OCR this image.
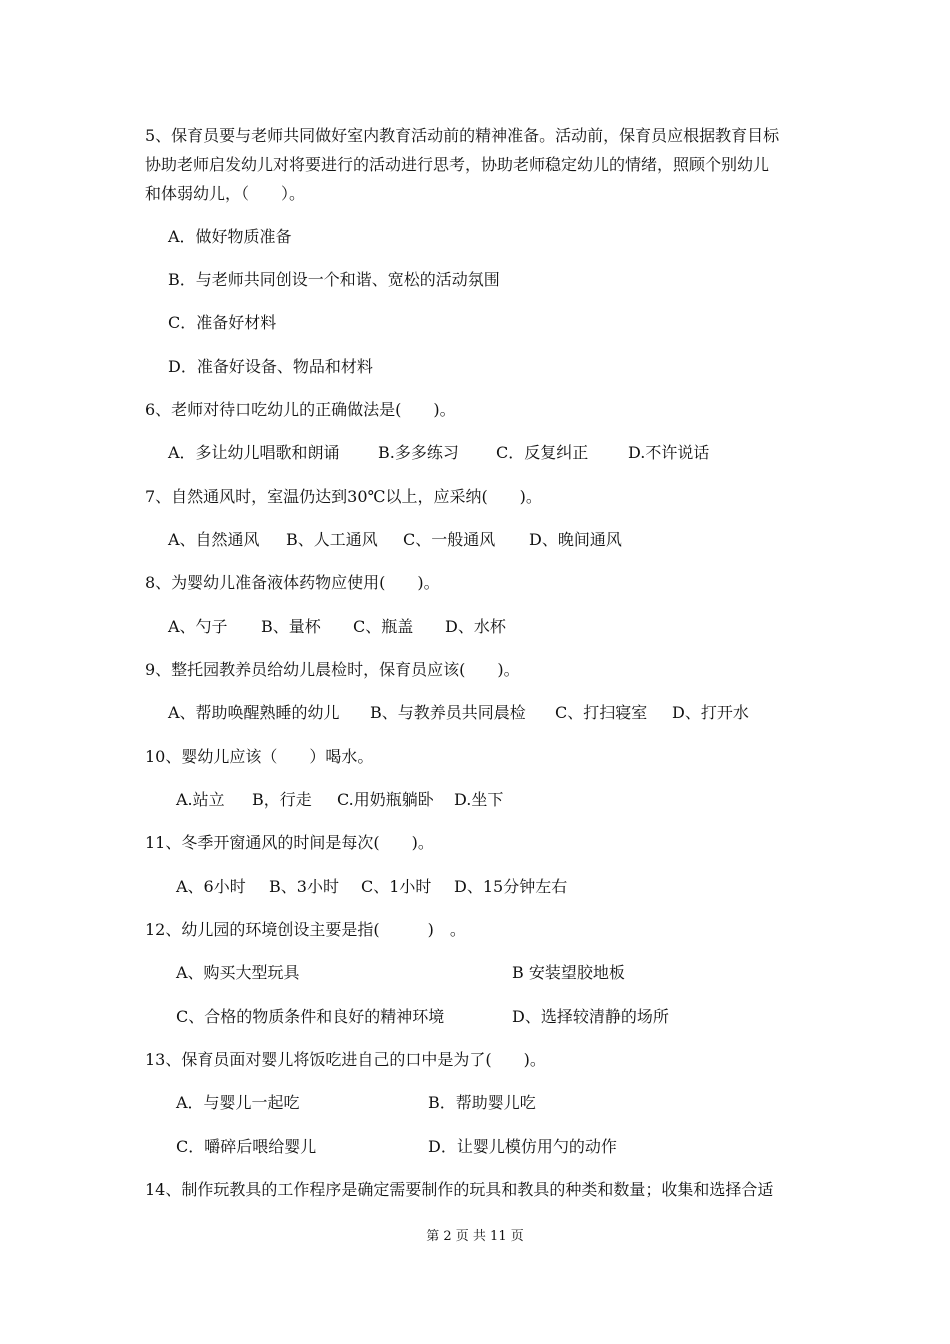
5、保育员要与老师共同做好室内教育活动前的精神准备。活动前，保育员应根据教育目标
协助老师启发幼儿对将要进行的活动进行思考，协助老师稳定幼儿的情绪，照顾个别幼儿
和体弱幼儿，（　　）。
A．做好物质准备
B．与老师共同创设一个和谐、宽松的活动氛围
C．准备好材料
D．准备好设备、物品和材料
6、老师对待口吃幼儿的正确做法是(　　)。
A．多让幼儿唱歌和朗诵 B.多多练习 C．反复纠正 D.不许说话
7、自然通风时，室温仍达到30℃以上，应采纳(　　)。
A、自然通风 B、人工通风 C、一般通风 D、晚间通风
8、为婴幼儿准备液体药物应使用(　　)。
A、勺子 B、量杯 C、瓶盖 D、水杯
9、整托园教养员给幼儿晨检时，保育员应该(　　)。
A、帮助唤醒熟睡的幼儿 B、与教养员共同晨检 C、打扫寝室 D、打开水
10、婴幼儿应该（　　）喝水。
A.站立 B，行走 C.用奶瓶躺卧 D.坐下
11、冬季开窗通风的时间是每次(　　)。
A、6小时 B、3小时 C、1小时 D、15分钟左右
12、幼儿园的环境创设主要是指(　　　)　。
A、购买大型玩具	B 安装望胶地板
C、合格的物质条件和良好的精神环境	D、选择较清静的场所
13、保育员面对婴儿将饭吃进自己的口中是为了(　　)。
A．与婴儿一起吃	B．帮助婴儿吃
C．嚼碎后喂给婴儿	D．让婴儿模仿用勺的动作
14、制作玩教具的工作程序是确定需要制作的玩具和教具的种类和数量；收集和选择合适
第 2 页 共 11 页
